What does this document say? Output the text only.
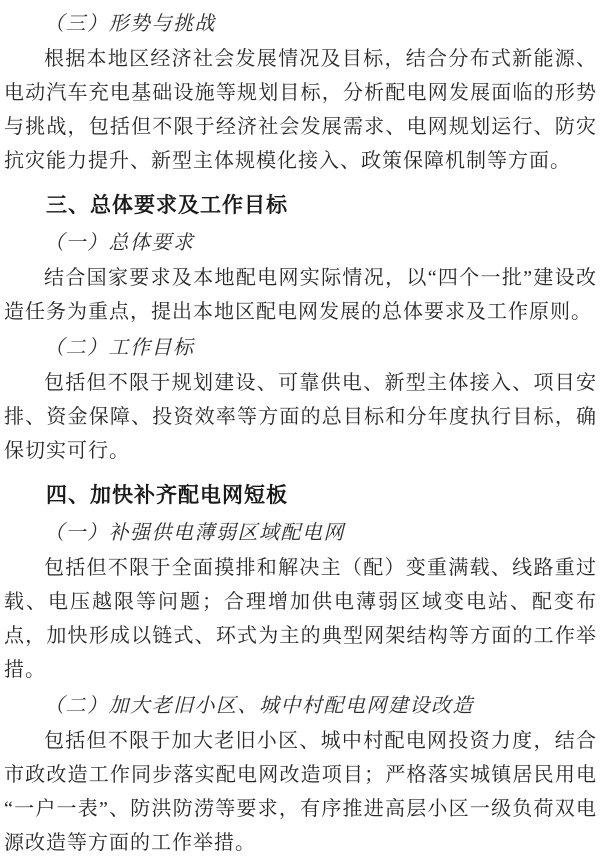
（三）形势与挑战

根据本地区经济社会发展情况及目标，结合分布式新能源、电动汽车充电基础设施等规划目标，分析配电网发展面临的形势与挑战，包括但不限于经济社会发展需求、电网规划运行、防灾抗灾能力提升、新型主体规模化接入、政策保障机制等方面。

三、总体要求及工作目标
（一）总体要求

结合国家要求及本地配电网实际情况，以“四个一批”建设改造任务为重点，提出本地区配电网发展的总体要求及工作原则。

（二）工作目标

包括但不限于规划建设、可靠供电、新型主体接入、项目安排、资金保障、投资效率等方面的总目标和分年度执行目标，确保切实可行。

四、加快补齐配电网短板
（一）补强供电薄弱区域配电网

包括但不限于全面摸排和解决主（配）变重满载、线路重过载、电压越限等问题；合理增加供电薄弱区域变电站、配变布点，加快形成以链式、环式为主的典型网架结构等方面的工作举措。

（二）加大老旧小区、城中村配电网建设改造

包括但不限于加大老旧小区、城中村配电网投资力度，结合市政改造工作同步落实配电网改造项目；严格落实城镇居民用电“一户一表”、防洪防涝等要求，有序推进高层小区一级负荷双电源改造等方面的工作举措。
